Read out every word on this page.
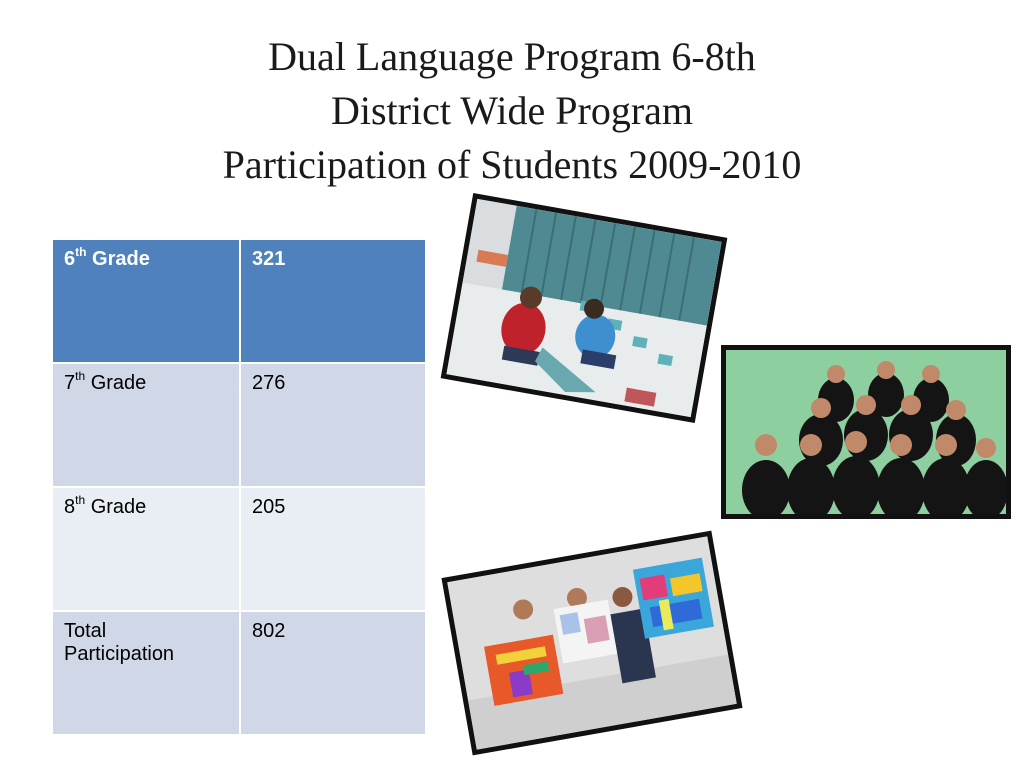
Dual Language Program 6-8th
District Wide Program
Participation of Students 2009-2010
6th Grade	321
7th Grade	276
8th Grade	205
Total
Participation	802
